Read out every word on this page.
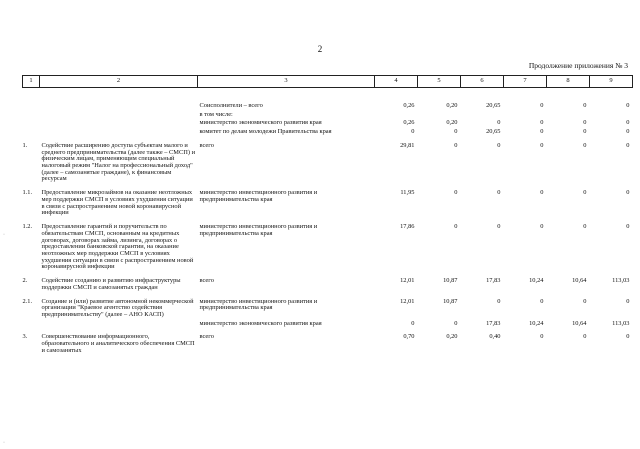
2
Продолжение приложения № 3
1	2	3	4	5	6	7	8	9
		Соисполнители – всего	0,26	0,20	20,65	0	0	0
		в том числе:						
		министерство экономического развития края	0,26	0,20	0	0	0	0
		комитет по делам молодежи Правительства края	0	0	20,65	0	0	0
1.	Содействие расширению доступа субъектам малого и среднего предпринимательства (далее также – СМСП) и физическим лицам, применяющим специальный налоговый режим "Налог на профессиональный доход" (далее – самозанятые граждане), к финансовым ресурсам	всего	29,81	0	0	0	0	0
1.1.	Предоставление микрозаймов на оказание неотложных мер поддержки СМСП в условиях ухудшения ситуации в связи с распространением новой коронавирусной инфекции	министерство инвестиционного развития и предпринимательства края	11,95	0	0	0	0	0
1.2.	Предоставление гарантий и поручительств по обязательствам СМСП, основанным на кредитных договорах, договорах займа, лизинга, договорах о предоставлении банковской гарантии, на оказание неотложных мер поддержки СМСП в условиях ухудшения ситуации в связи с распространением новой коронавирусной инфекции	министерство инвестиционного развития и предпринимательства края	17,86	0	0	0	0	0
2.	Содействие созданию и развитию инфраструктуры поддержки СМСП и самозанятых граждан	всего	12,01	10,87	17,83	10,24	10,64	113,03
2.1.	Создание и (или) развитие автономной некоммерческой организации "Краевое агентство содействия предпринимательству" (далее – АНО КАСП)	министерство инвестиционного развития и предпринимательства края	12,01	10,87	0	0	0	0
		министерство экономического развития края	0	0	17,83	10,24	10,64	113,03
3.	Совершенствование информационного, образовательного и аналитического обеспечения СМСП и самозанятых	всего	0,70	0,20	0,40	0	0	0
·
·
